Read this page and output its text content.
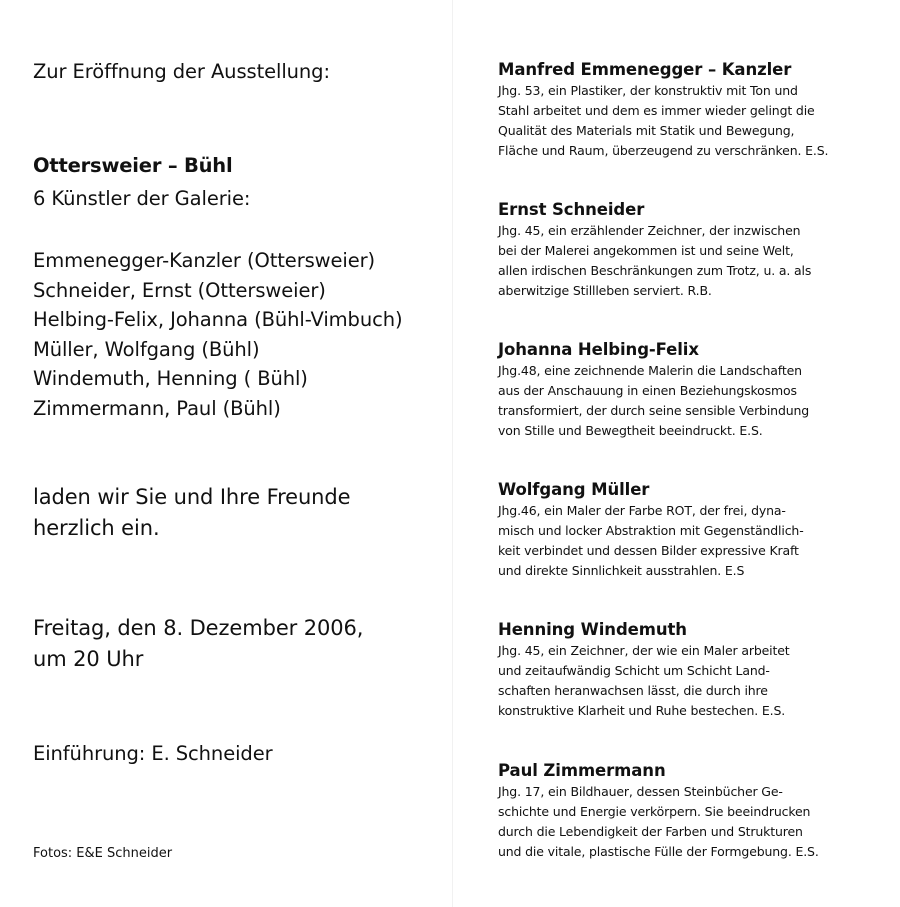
Zur Eröffnung der Ausstellung:
Ottersweier – Bühl
6 Künstler der Galerie:
Emmenegger-Kanzler (Ottersweier)
Schneider, Ernst (Ottersweier)
Helbing-Felix, Johanna (Bühl-Vimbuch)
Müller, Wolfgang (Bühl)
Windemuth, Henning ( Bühl)
Zimmermann, Paul (Bühl)
laden wir Sie und Ihre Freunde
herzlich ein.
Freitag, den 8. Dezember 2006,
um 20 Uhr
Einführung: E. Schneider
Fotos: E&E Schneider
Manfred Emmenegger – Kanzler
Jhg. 53, ein Plastiker, der konstruktiv mit Ton und
Stahl arbeitet und dem es immer wieder gelingt die
Qualität des Materials mit Statik und Bewegung,
Fläche und Raum, überzeugend zu verschränken. E.S.
Ernst Schneider
Jhg. 45, ein erzählender Zeichner, der inzwischen
bei der Malerei angekommen ist und seine Welt,
allen irdischen Beschränkungen zum Trotz, u. a. als
aberwitzige Stillleben serviert. R.B.
Johanna Helbing-Felix
Jhg.48, eine zeichnende Malerin die Landschaften
aus der Anschauung in einen Beziehungskosmos
transformiert, der durch seine sensible Verbindung
von Stille und Bewegtheit beeindruckt. E.S.
Wolfgang Müller
Jhg.46, ein Maler der Farbe ROT, der frei, dyna-
misch und locker Abstraktion mit Gegenständlich-
keit verbindet und dessen Bilder expressive Kraft
und direkte Sinnlichkeit ausstrahlen. E.S
Henning Windemuth
Jhg. 45, ein Zeichner, der wie ein Maler arbeitet
und zeitaufwändig Schicht um Schicht Land-
schaften heranwachsen lässt, die durch ihre
konstruktive Klarheit und Ruhe bestechen. E.S.
Paul Zimmermann
Jhg. 17, ein Bildhauer, dessen Steinbücher Ge-
schichte und Energie verkörpern. Sie beeindrucken
durch die Lebendigkeit der Farben und Strukturen
und die vitale, plastische Fülle der Formgebung. E.S.
